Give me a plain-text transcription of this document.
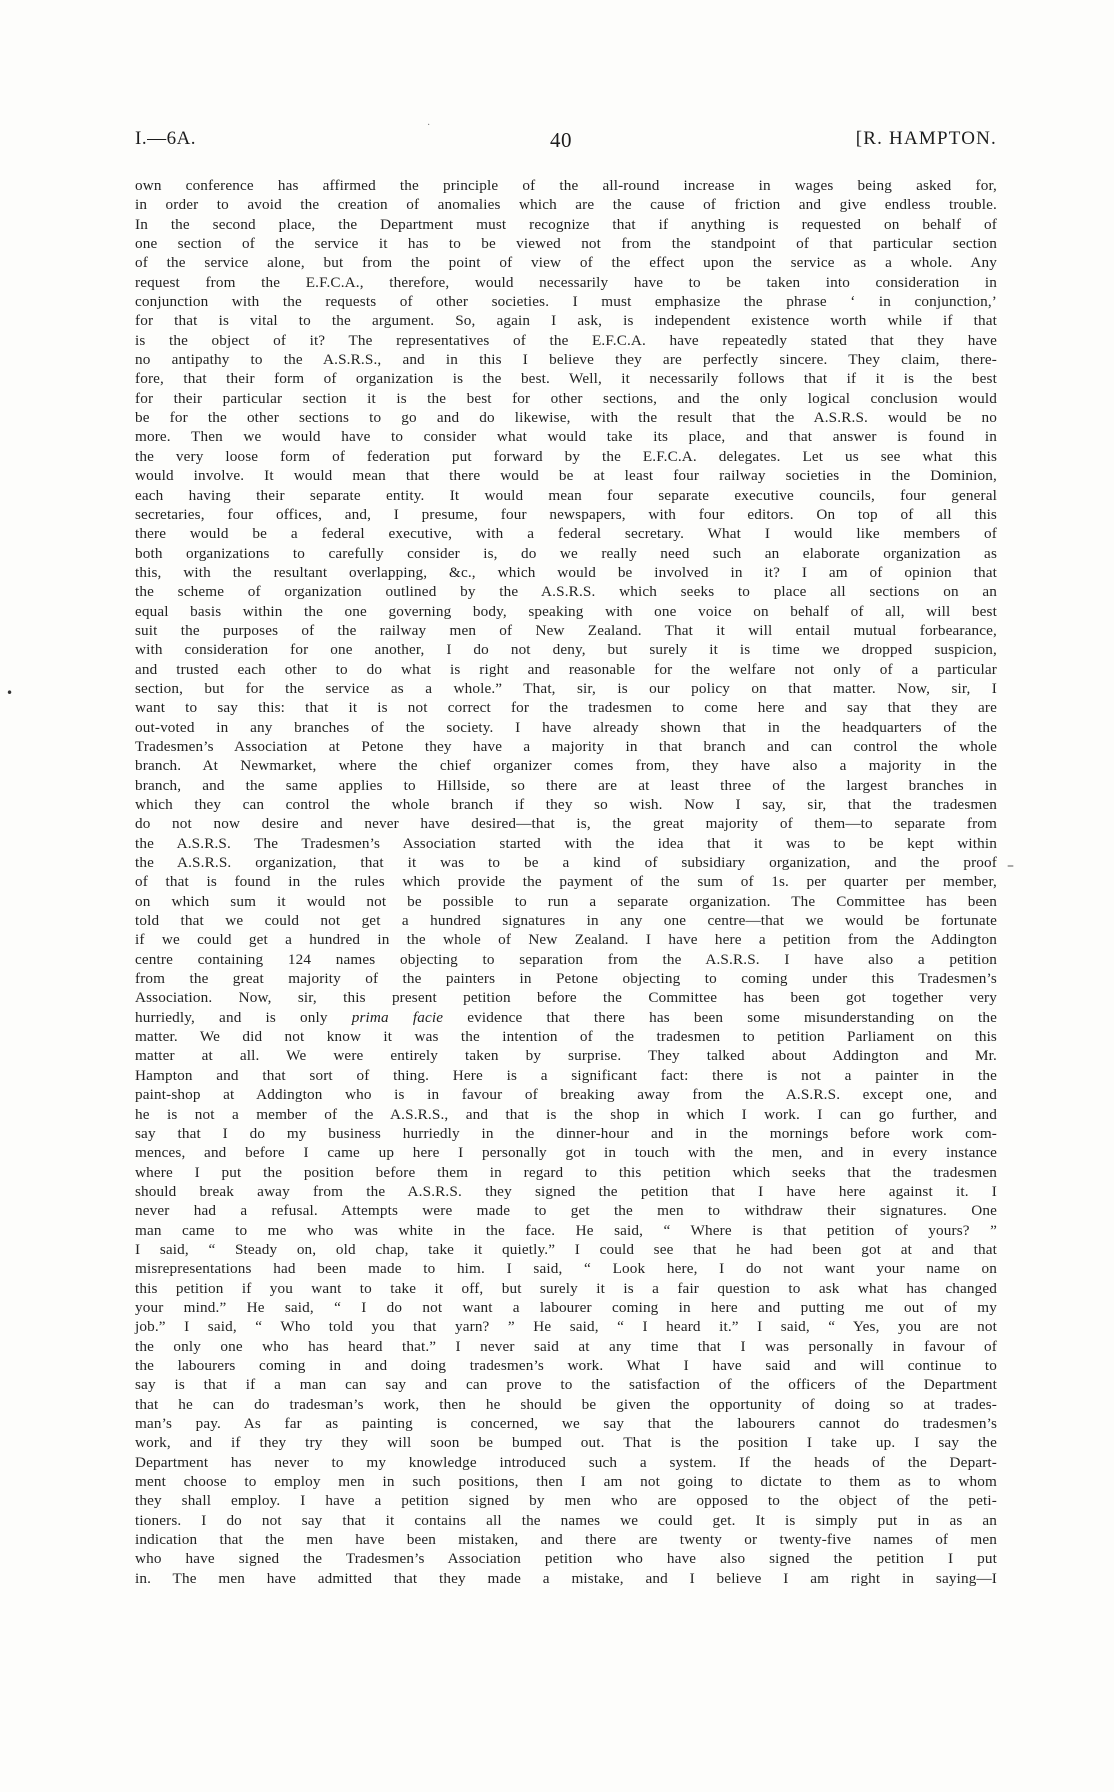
I.—6A.
·
40	[R. HAMPTON.
own conference has affirmed the principle of the all-round increase in wages being asked for,
in order to avoid the creation of anomalies which are the cause of friction and give endless trouble.
In the second place, the Department must recognize that if anything is requested on behalf of
one section of the service it has to be viewed not from the standpoint of that particular section
of the service alone, but from the point of view of the effect upon the service as a whole. Any
request from the E.F.C.A., therefore, would necessarily have to be taken into consideration in
conjunction with the requests of other societies. I must emphasize the phrase ‘ in conjunction,’
for that is vital to the argument. So, again I ask, is independent existence worth while if that
is the object of it? The representatives of the E.F.C.A. have repeatedly stated that they have
no antipathy to the A.S.R.S., and in this I believe they are perfectly sincere. They claim, there-
fore, that their form of organization is the best. Well, it necessarily follows that if it is the best
for their particular section it is the best for other sections, and the only logical conclusion would
be for the other sections to go and do likewise, with the result that the A.S.R.S. would be no
more. Then we would have to consider what would take its place, and that answer is found in
the very loose form of federation put forward by the E.F.C.A. delegates. Let us see what this
would involve. It would mean that there would be at least four railway societies in the Dominion,
each having their separate entity. It would mean four separate executive councils, four general
secretaries, four offices, and, I presume, four newspapers, with four editors. On top of all this
there would be a federal executive, with a federal secretary. What I would like members of
both organizations to carefully consider is, do we really need such an elaborate organization as
this, with the resultant overlapping, &c., which would be involved in it? I am of opinion that
the scheme of organization outlined by the A.S.R.S. which seeks to place all sections on an
equal basis within the one governing body, speaking with one voice on behalf of all, will best
suit the purposes of the railway men of New Zealand. That it will entail mutual forbearance,
with consideration for one another, I do not deny, but surely it is time we dropped suspicion,
and trusted each other to do what is right and reasonable for the welfare not only of a particular
section, but for the service as a whole.” That, sir, is our policy on that matter. Now, sir, I
want to say this: that it is not correct for the tradesmen to come here and say that they are
out-voted in any branches of the society. I have already shown that in the headquarters of the
Tradesmen’s Association at Petone they have a majority in that branch and can control the whole
branch. At Newmarket, where the chief organizer comes from, they have also a majority in the
branch, and the same applies to Hillside, so there are at least three of the largest branches in
which they can control the whole branch if they so wish. Now I say, sir, that the tradesmen
do not now desire and never have desired—that is, the great majority of them—to separate from
the A.S.R.S. The Tradesmen’s Association started with the idea that it was to be kept within
the A.S.R.S. organization, that it was to be a kind of subsidiary organization, and the proof
of that is found in the rules which provide the payment of the sum of 1s. per quarter per member,
on which sum it would not be possible to run a separate organization. The Committee has been
told that we could not get a hundred signatures in any one centre—that we would be fortunate
if we could get a hundred in the whole of New Zealand. I have here a petition from the Addington
centre containing 124 names objecting to separation from the A.S.R.S. I have also a petition
from the great majority of the painters in Petone objecting to coming under this Tradesmen’s
Association. Now, sir, this present petition before the Committee has been got together very
hurriedly, and is only prima facie evidence that there has been some misunderstanding on the
matter. We did not know it was the intention of the tradesmen to petition Parliament on this
matter at all. We were entirely taken by surprise. They talked about Addington and Mr.
Hampton and that sort of thing. Here is a significant fact: there is not a painter in the
paint-shop at Addington who is in favour of breaking away from the A.S.R.S. except one, and
he is not a member of the A.S.R.S., and that is the shop in which I work. I can go further, and
say that I do my business hurriedly in the dinner-hour and in the mornings before work com-
mences, and before I came up here I personally got in touch with the men, and in every instance
where I put the position before them in regard to this petition which seeks that the tradesmen
should break away from the A.S.R.S. they signed the petition that I have here against it. I
never had a refusal. Attempts were made to get the men to withdraw their signatures. One
man came to me who was white in the face. He said, “ Where is that petition of yours? ”
I said, “ Steady on, old chap, take it quietly.” I could see that he had been got at and that
misrepresentations had been made to him. I said, “ Look here, I do not want your name on
this petition if you want to take it off, but surely it is a fair question to ask what has changed
your mind.” He said, “ I do not want a labourer coming in here and putting me out of my
job.” I said, “ Who told you that yarn? ” He said, “ I heard it.” I said, “ Yes, you are not
the only one who has heard that.” I never said at any time that I was personally in favour of
the labourers coming in and doing tradesmen’s work. What I have said and will continue to
say is that if a man can say and can prove to the satisfaction of the officers of the Department
that he can do tradesman’s work, then he should be given the opportunity of doing so at trades-
man’s pay. As far as painting is concerned, we say that the labourers cannot do tradesmen’s
work, and if they try they will soon be bumped out. That is the position I take up. I say the
Department has never to my knowledge introduced such a system. If the heads of the Depart-
ment choose to employ men in such positions, then I am not going to dictate to them as to whom
they shall employ. I have a petition signed by men who are opposed to the object of the peti-
tioners. I do not say that it contains all the names we could get. It is simply put in as an
indication that the men have been mistaken, and there are twenty or twenty-five names of men
who have signed the Tradesmen’s Association petition who have also signed the petition I put
in. The men have admitted that they made a mistake, and I believe I am right in saying—I
•
–
